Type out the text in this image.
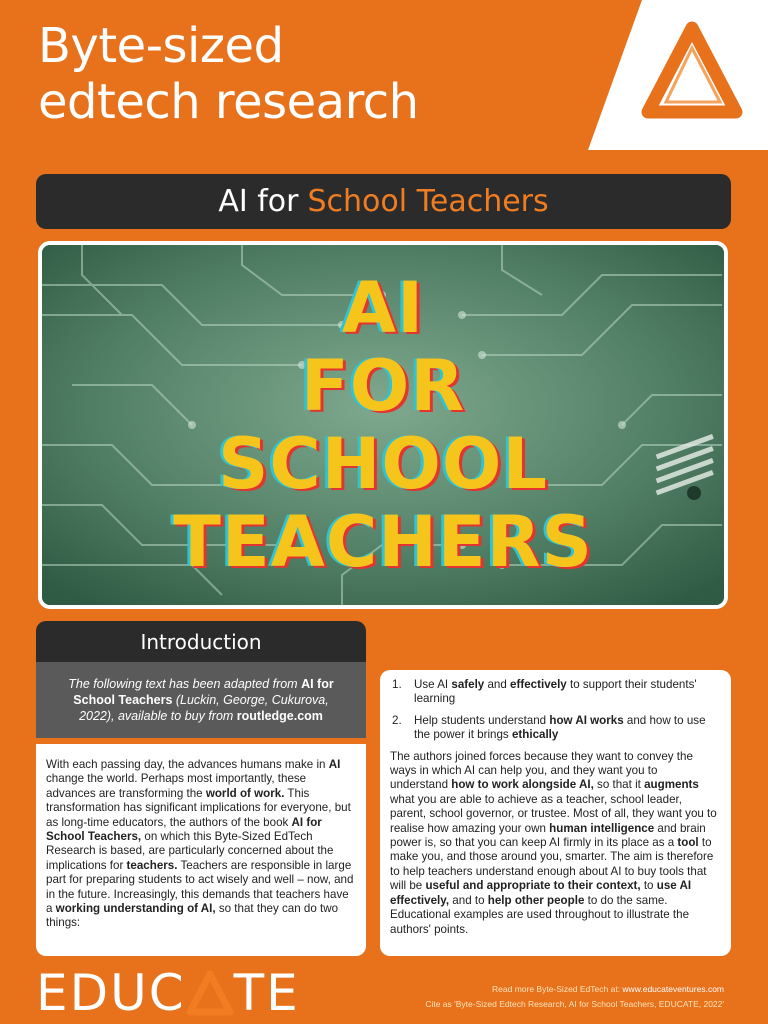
Byte-sized
edtech research
AI for School Teachers
AI
FOR
SCHOOL
TEACHERS
Introduction
The following text has been adapted from AI for School Teachers (Luckin, George, Cukurova, 2022), available to buy from routledge.com

With each passing day, the advances humans make in AI change the world. Perhaps most importantly, these advances are transforming the world of work. This transformation has significant implications for everyone, but as long-time educators, the authors of the book AI for School Teachers, on which this Byte-Sized EdTech Research is based, are particularly concerned about the implications for teachers. Teachers are responsible in large part for preparing students to act wisely and well – now, and in the future. Increasingly, this demands that teachers have a working understanding of AI, so that they can do two things:

1.	Use AI safely and effectively to support their students' learning
2.	Help students understand how AI works and how to use the power it brings ethically

The authors joined forces because they want to convey the ways in which AI can help you, and they want you to understand how to work alongside AI, so that it augments what you are able to achieve as a teacher, school leader, parent, school governor, or trustee. Most of all, they want you to realise how amazing your own human intelligence and brain power is, so that you can keep AI firmly in its place as a tool to make you, and those around you, smarter. The aim is therefore to help teachers understand enough about AI to buy tools that will be useful and appropriate to their context, to use AI effectively, and to help other people to do the same. Educational examples are used throughout to illustrate the authors' points.

EDUC TE	Read more Byte-Sized EdTech at: www.educateventures.com
Cite as 'Byte-Sized Edtech Research, AI for School Teachers, EDUCATE, 2022'
